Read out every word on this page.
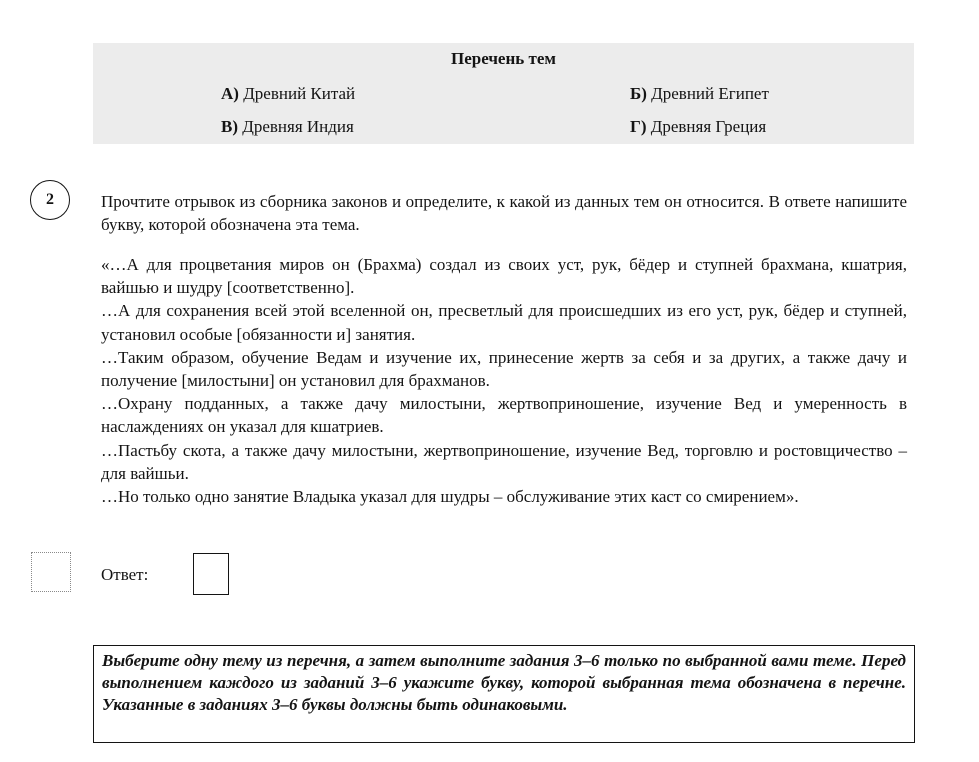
Перечень тем
А) Древний Китай	Б) Древний Египет
В) Древняя Индия	Г) Древняя Греция
2	Прочтите отрывок из сборника законов и определите, к какой из данных тем он относится. В ответе напишите букву, которой обозначена эта тема.

«…А для процветания миров он (Брахма) создал из своих уст, рук, бёдер и ступней брахмана, кшатрия, вайшью и шудру [соответственно].

…А для сохранения всей этой вселенной он, пресветлый для происшедших из его уст, рук, бёдер и ступней, установил особые [обязанности и] занятия.

…Таким образом, обучение Ведам и изучение их, принесение жертв за себя и за других, а также дачу и получение [милостыни] он установил для брахманов.

…Охрану подданных, а также дачу милостыни, жертвоприношение, изучение Вед и умеренность в наслаждениях он указал для кшатриев.

…Пастьбу скота, а также дачу милостыни, жертвоприношение, изучение Вед, торговлю и ростовщичество – для вайшьи.

…Но только одно занятие Владыка указал для шудры – обслуживание этих каст со смирением».

Ответ:

Выберите одну тему из перечня, а затем выполните задания 3–6 только по выбранной вами теме. Перед выполнением каждого из заданий 3–6 укажите букву, которой выбранная тема обозначена в перечне. Указанные в заданиях 3–6 буквы должны быть одинаковыми.
